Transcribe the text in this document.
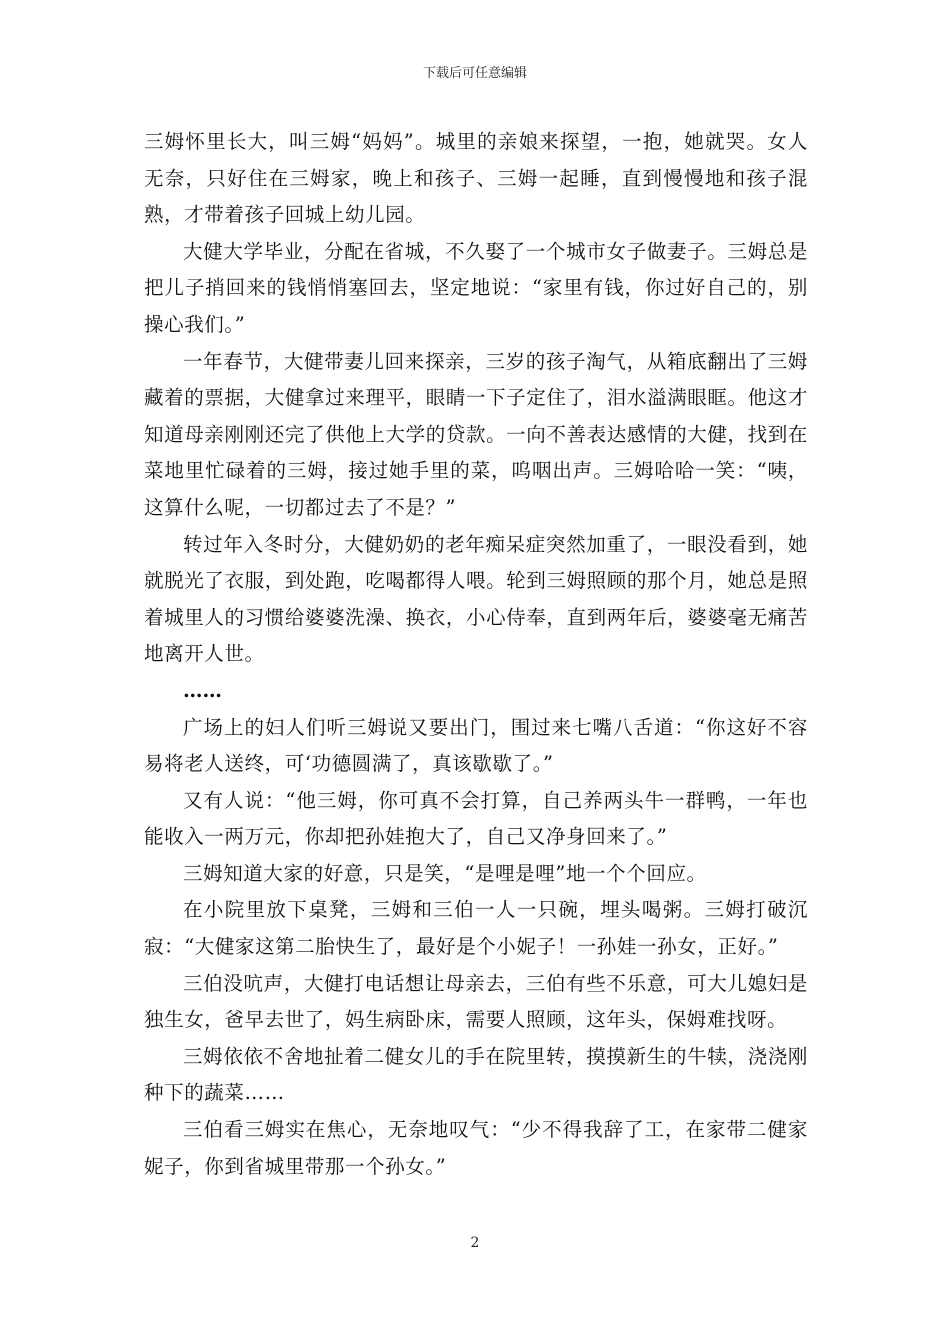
下载后可任意编辑

三姆怀里长大，叫三姆“妈妈”。城里的亲娘来探望，一抱，她就哭。女人无奈，只好住在三姆家，晚上和孩子、三姆一起睡，直到慢慢地和孩子混熟，才带着孩子回城上幼儿园。

大健大学毕业，分配在省城，不久娶了一个城市女子做妻子。三姆总是把儿子捎回来的钱悄悄塞回去，坚定地说：“家里有钱，你过好自己的，别操心我们。”

一年春节，大健带妻儿回来探亲，三岁的孩子淘气，从箱底翻出了三姆藏着的票据，大健拿过来理平，眼睛一下子定住了，泪水溢满眼眶。他这才知道母亲刚刚还完了供他上大学的贷款。一向不善表达感情的大健，找到在菜地里忙碌着的三姆，接过她手里的菜，呜咽出声。三姆哈哈一笑：“咦，这算什么呢，一切都过去了不是？”

转过年入冬时分，大健奶奶的老年痴呆症突然加重了，一眼没看到，她就脱光了衣服，到处跑，吃喝都得人喂。轮到三姆照顾的那个月，她总是照着城里人的习惯给婆婆洗澡、换衣，小心侍奉，直到两年后，婆婆毫无痛苦地离开人世。

……

广场上的妇人们听三姆说又要出门，围过来七嘴八舌道：“你这好不容易将老人送终，可‘功德圆满了，真该歇歇了。”

又有人说：“他三姆，你可真不会打算，自己养两头牛一群鸭，一年也能收入一两万元，你却把孙娃抱大了，自己又净身回来了。”

三姆知道大家的好意，只是笑，“是哩是哩”地一个个回应。

在小院里放下桌凳，三姆和三伯一人一只碗，埋头喝粥。三姆打破沉寂：“大健家这第二胎快生了，最好是个小妮子！一孙娃一孙女，正好。”

三伯没吭声，大健打电话想让母亲去，三伯有些不乐意，可大儿媳妇是独生女，爸早去世了，妈生病卧床，需要人照顾，这年头，保姆难找呀。

三姆依依不舍地扯着二健女儿的手在院里转，摸摸新生的牛犊，浇浇刚种下的蔬菜……

三伯看三姆实在焦心，无奈地叹气：“少不得我辞了工，在家带二健家妮子，你到省城里带那一个孙女。”

2
